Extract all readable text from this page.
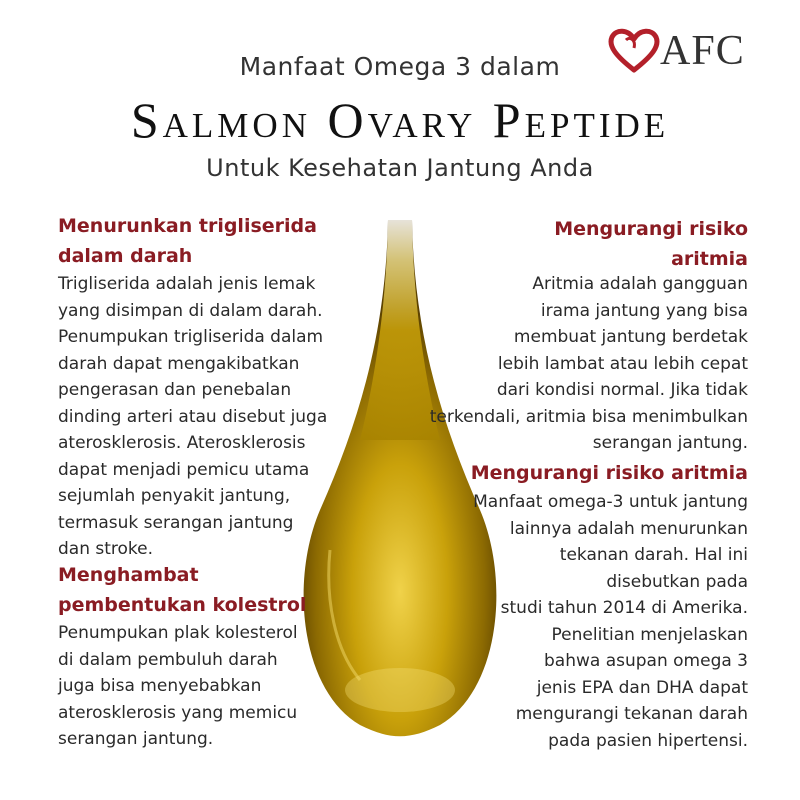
AFC
Manfaat Omega 3 dalam
Salmon Ovary Peptide
Untuk Kesehatan Jantung Anda
Menurunkan trigliserida
dalam darah
Trigliserida adalah jenis lemak
yang disimpan di dalam darah.
Penumpukan trigliserida dalam
darah dapat mengakibatkan
pengerasan dan penebalan
dinding arteri atau disebut juga
aterosklerosis. Aterosklerosis
dapat menjadi pemicu utama
sejumlah penyakit jantung,
termasuk serangan jantung
dan stroke.
Menghambat
pembentukan kolestrol
Penumpukan plak kolesterol
di dalam pembuluh darah
juga bisa menyebabkan
aterosklerosis yang memicu
serangan jantung.
Mengurangi risiko
aritmia
Aritmia adalah gangguan
irama jantung yang bisa
membuat jantung berdetak
lebih lambat atau lebih cepat
dari kondisi normal. Jika tidak
terkendali, aritmia bisa menimbulkan
serangan jantung.
Mengurangi risiko aritmia
Manfaat omega-3 untuk jantung
lainnya adalah menurunkan
tekanan darah. Hal ini
disebutkan pada
studi tahun 2014 di Amerika.
Penelitian menjelaskan
bahwa asupan omega 3
jenis EPA dan DHA dapat
mengurangi tekanan darah
pada pasien hipertensi.
